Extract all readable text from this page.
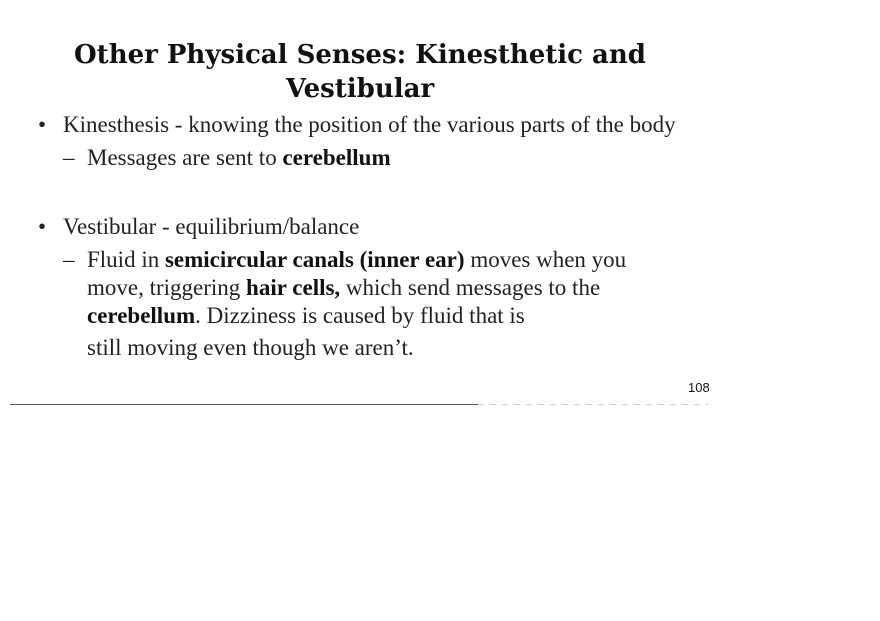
Other Physical Senses: Kinesthetic and Vestibular
• Kinesthesis - knowing the position of the various parts of the body
– Messages are sent to cerebellum
• Vestibular - equilibrium/balance
– Fluid in semicircular canals (inner ear) moves when you move, triggering hair cells, which send messages to the cerebellum. Dizziness is caused by fluid that is
still moving even though we aren’t.
108
